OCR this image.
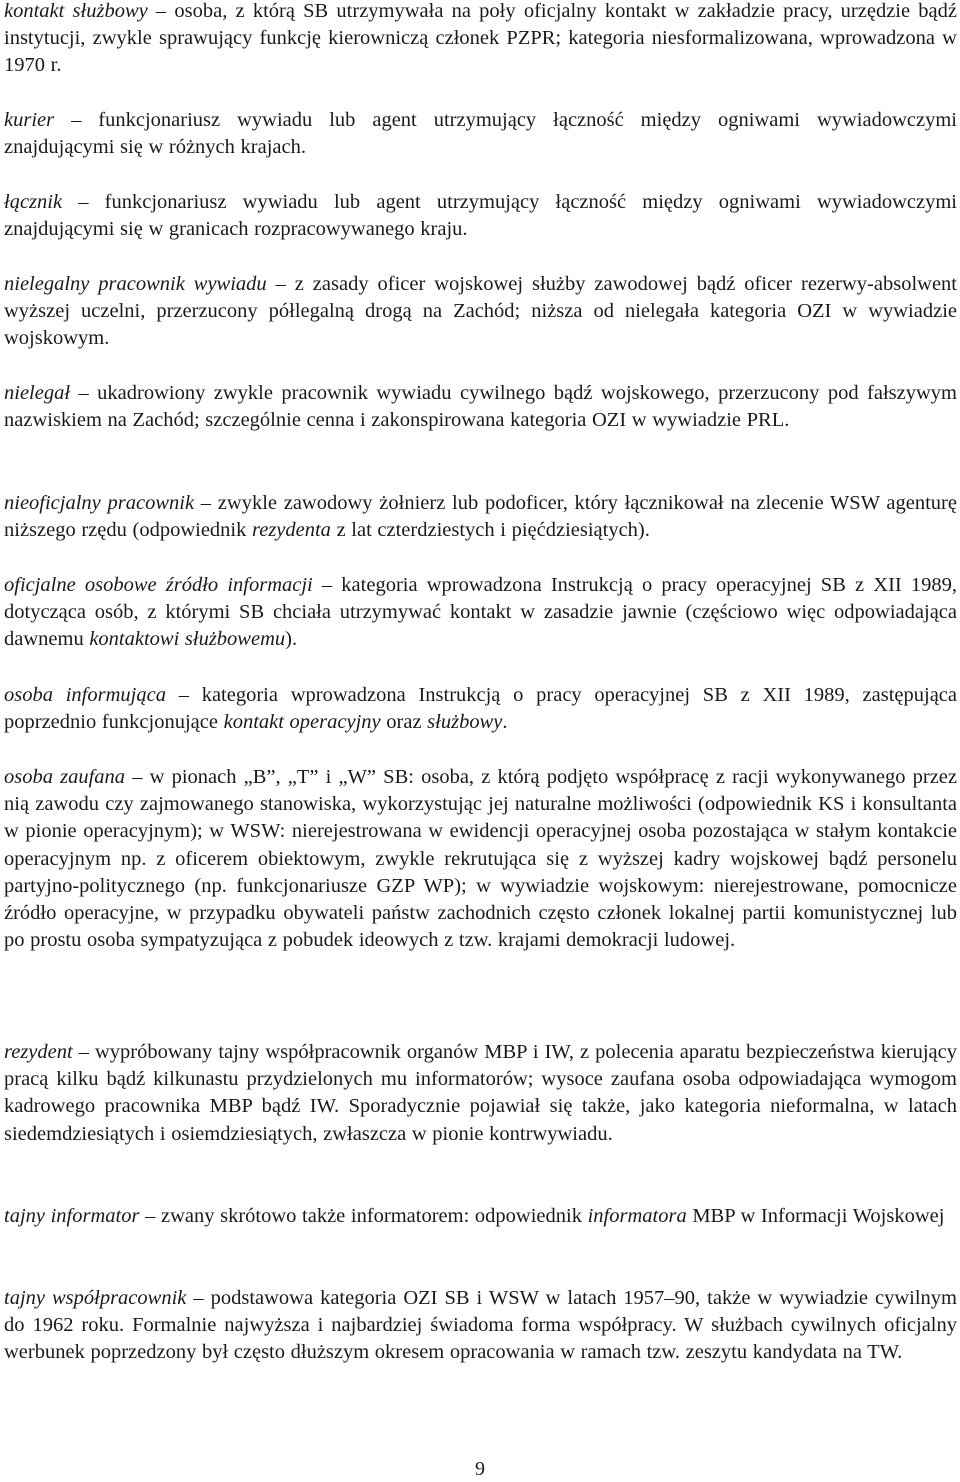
kontakt służbowy – osoba, z którą SB utrzymywała na poły oficjalny kontakt w zakładzie pracy, urzędzie bądź instytucji, zwykle sprawujący funkcję kierowniczą członek PZPR; kategoria niesformalizowana, wprowadzona w 1970 r.

kurier – funkcjonariusz wywiadu lub agent utrzymujący łączność między ogniwami wywiadowczymi znajdującymi się w różnych krajach.

łącznik – funkcjonariusz wywiadu lub agent utrzymujący łączność między ogniwami wywiadowczymi znajdującymi się w granicach rozpracowywanego kraju.

nielegalny pracownik wywiadu – z zasady oficer wojskowej służby zawodowej bądź oficer rezerwy-absolwent wyższej uczelni, przerzucony półlegalną drogą na Zachód; niższa od nielegała kategoria OZI w wywiadzie wojskowym.

nielegał – ukadrowiony zwykle pracownik wywiadu cywilnego bądź wojskowego, przerzucony pod fałszywym nazwiskiem na Zachód; szczególnie cenna i zakonspirowana kategoria OZI w wywiadzie PRL.

nieoficjalny pracownik – zwykle zawodowy żołnierz lub podoficer, który łącznikował na zlecenie WSW agenturę niższego rzędu (odpowiednik rezydenta z lat czterdziestych i pięćdziesiątych).

oficjalne osobowe źródło informacji – kategoria wprowadzona Instrukcją o pracy operacyjnej SB z XII 1989, dotycząca osób, z którymi SB chciała utrzymywać kontakt w zasadzie jawnie (częściowo więc odpowiadająca dawnemu kontaktowi służbowemu).

osoba informująca – kategoria wprowadzona Instrukcją o pracy operacyjnej SB z XII 1989, zastępująca poprzednio funkcjonujące kontakt operacyjny oraz służbowy.

osoba zaufana – w pionach „B”, „T” i „W” SB: osoba, z którą podjęto współpracę z racji wykonywanego przez nią zawodu czy zajmowanego stanowiska, wykorzystując jej naturalne możliwości (odpowiednik KS i konsultanta w pionie operacyjnym); w WSW: nierejestrowana w ewidencji operacyjnej osoba pozostająca w stałym kontakcie operacyjnym np. z oficerem obiektowym, zwykle rekrutująca się z wyższej kadry wojskowej bądź personelu partyjno-politycznego (np. funkcjonariusze GZP WP); w wywiadzie wojskowym: nierejestrowane, pomocnicze źródło operacyjne, w przypadku obywateli państw zachodnich często członek lokalnej partii komunistycznej lub po prostu osoba sympatyzująca z pobudek ideowych z tzw. krajami demokracji ludowej.

rezydent – wypróbowany tajny współpracownik organów MBP i IW, z polecenia aparatu bezpieczeństwa kierujący pracą kilku bądź kilkunastu przydzielonych mu informatorów; wysoce zaufana osoba odpowiadająca wymogom kadrowego pracownika MBP bądź IW. Sporadycznie pojawiał się także, jako kategoria nieformalna, w latach siedemdziesiątych i osiemdziesiątych, zwłaszcza w pionie kontrwywiadu.

tajny informator – zwany skrótowo także informatorem: odpowiednik informatora MBP w Informacji Wojskowej

tajny współpracownik – podstawowa kategoria OZI SB i WSW w latach 1957–90, także w wywiadzie cywilnym do 1962 roku. Formalnie najwyższa i najbardziej świadoma forma współpracy. W służbach cywilnych oficjalny werbunek poprzedzony był często dłuższym okresem opracowania w ramach tzw. zeszytu kandydata na TW.

9
